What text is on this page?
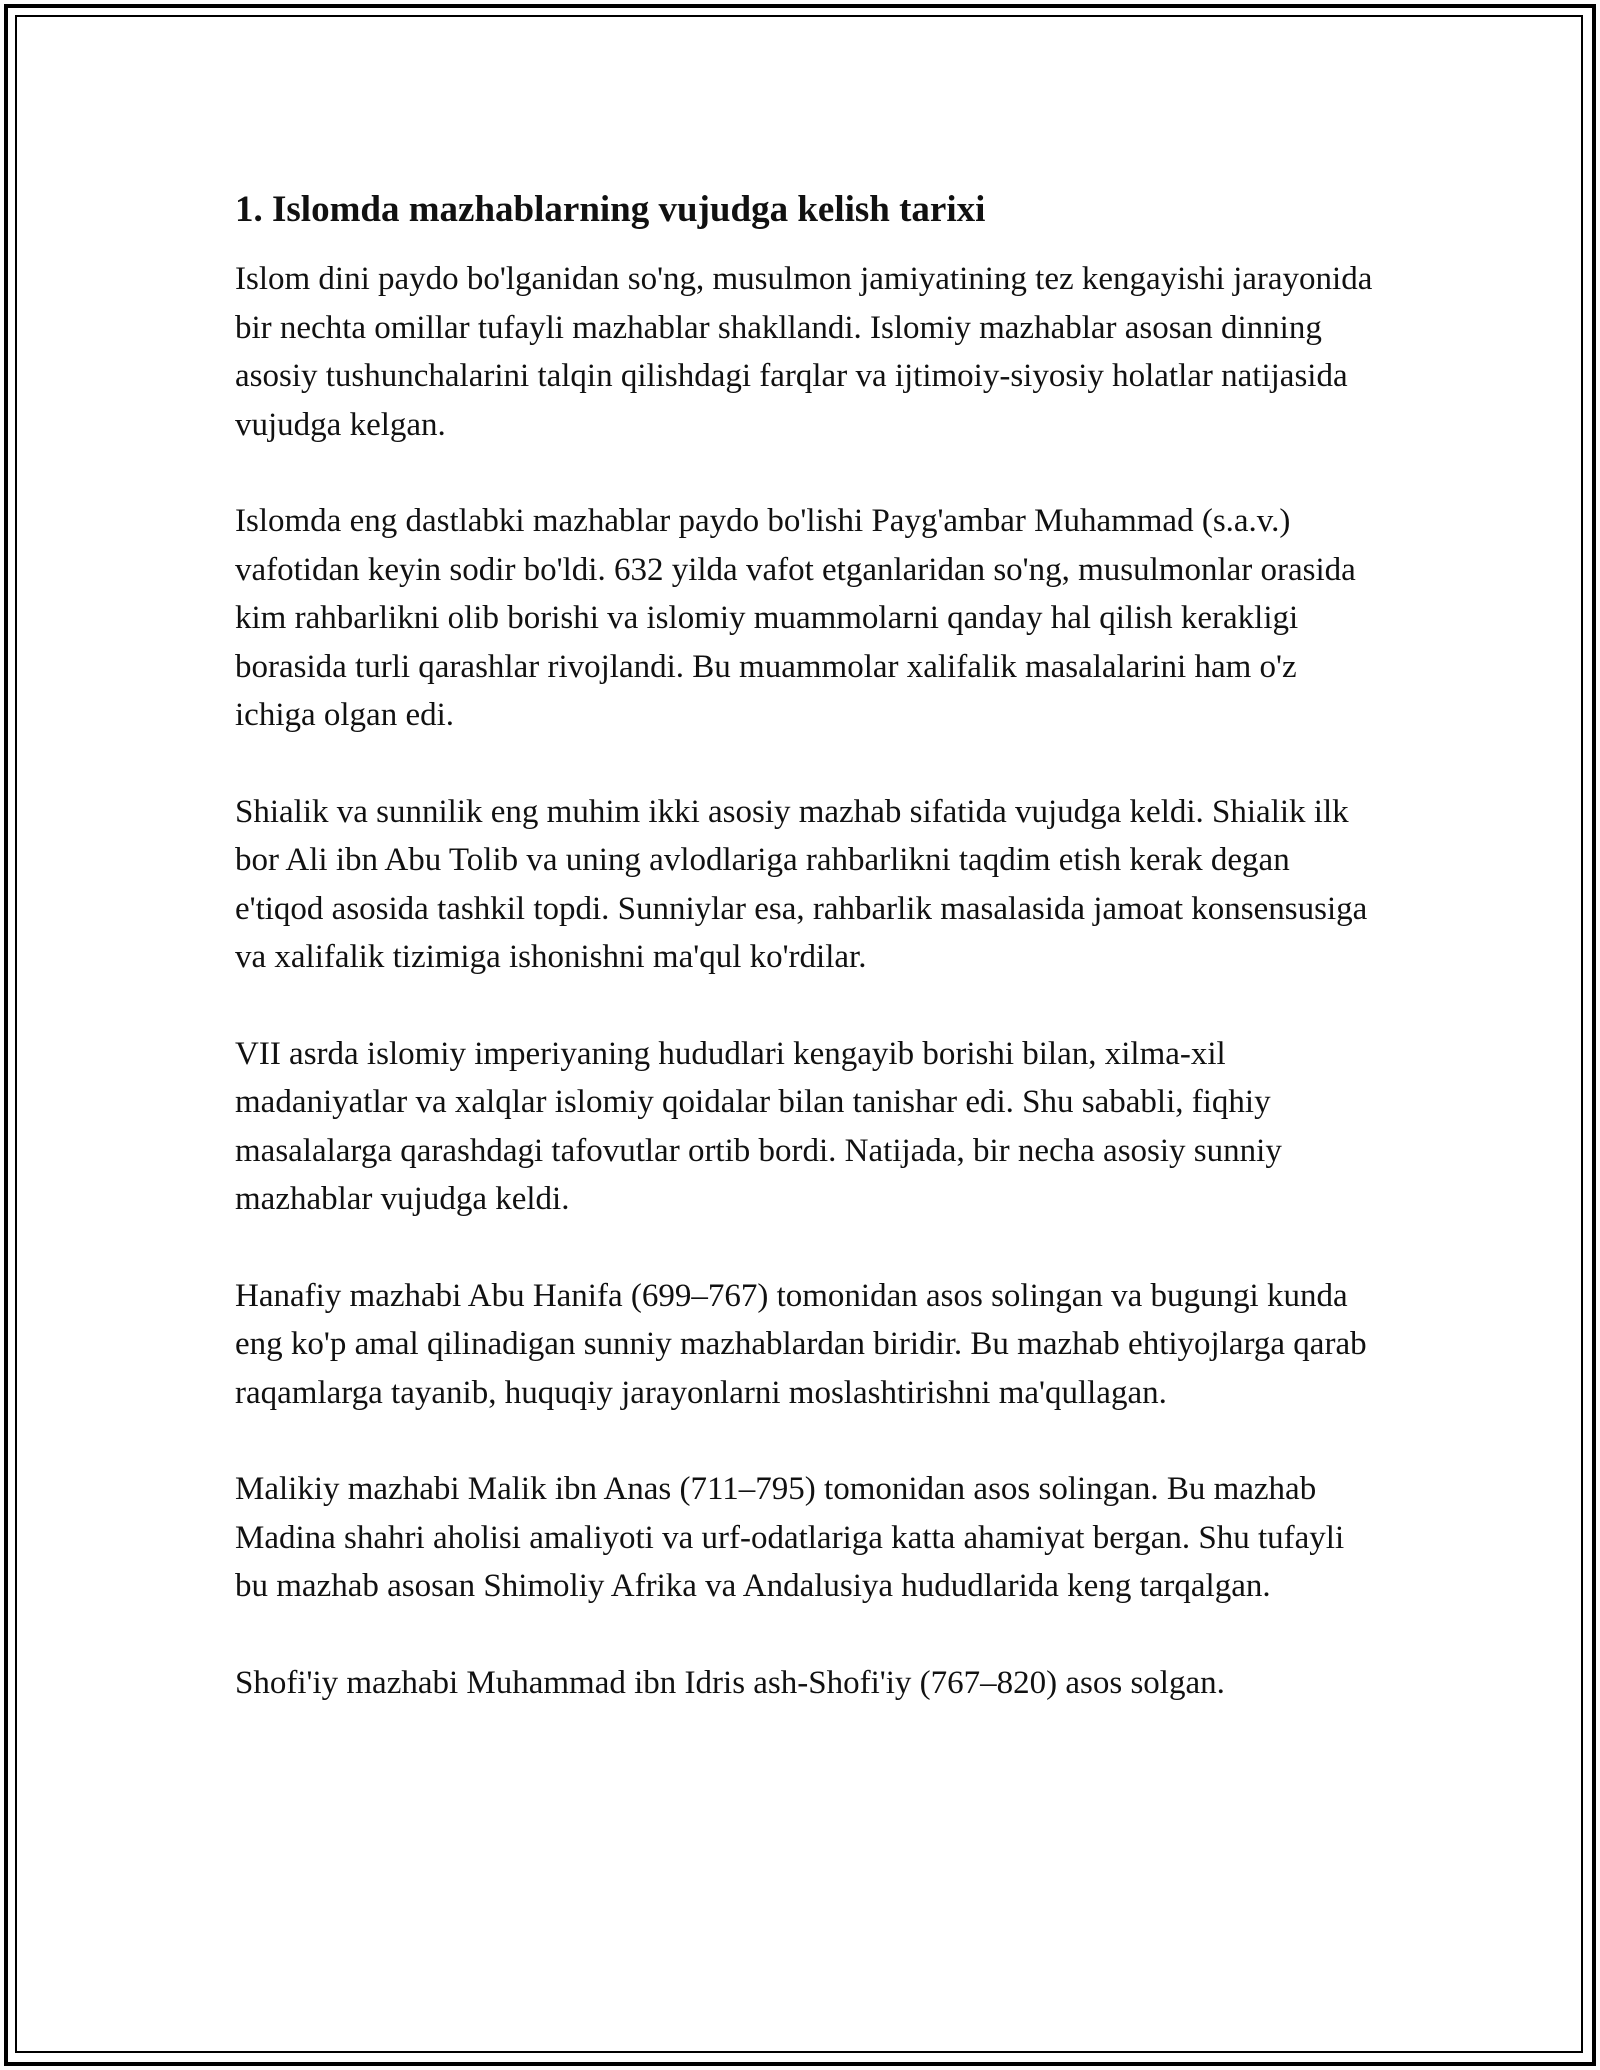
1. Islomda mazhablarning vujudga kelish tarixi

Islom dini paydo bo'lganidan so'ng, musulmon jamiyatining tez kengayishi jarayonida bir nechta omillar tufayli mazhablar shakllandi. Islomiy mazhablar asosan dinning asosiy tushunchalarini talqin qilishdagi farqlar va ijtimoiy-siyosiy holatlar natijasida vujudga kelgan.

Islomda eng dastlabki mazhablar paydo bo'lishi Payg'ambar Muhammad (s.a.v.) vafotidan keyin sodir bo'ldi. 632 yilda vafot etganlaridan so'ng, musulmonlar orasida kim rahbarlikni olib borishi va islomiy muammolarni qanday hal qilish kerakligi borasida turli qarashlar rivojlandi. Bu muammolar xalifalik masalalarini ham o'z ichiga olgan edi.

Shialik va sunnilik eng muhim ikki asosiy mazhab sifatida vujudga keldi. Shialik ilk bor Ali ibn Abu Tolib va uning avlodlariga rahbarlikni taqdim etish kerak degan e'tiqod asosida tashkil topdi. Sunniylar esa, rahbarlik masalasida jamoat konsensusiga va xalifalik tizimiga ishonishni ma'qul ko'rdilar.

VII asrda islomiy imperiyaning hududlari kengayib borishi bilan, xilma-xil madaniyatlar va xalqlar islomiy qoidalar bilan tanishar edi. Shu sababli, fiqhiy masalalarga qarashdagi tafovutlar ortib bordi. Natijada, bir necha asosiy sunniy mazhablar vujudga keldi.

Hanafiy mazhabi Abu Hanifa (699–767) tomonidan asos solingan va bugungi kunda eng ko'p amal qilinadigan sunniy mazhablardan biridir. Bu mazhab ehtiyojlarga qarab raqamlarga tayanib, huquqiy jarayonlarni moslashtirishni ma'qullagan.

Malikiy mazhabi Malik ibn Anas (711–795) tomonidan asos solingan. Bu mazhab Madina shahri aholisi amaliyoti va urf-odatlariga katta ahamiyat bergan. Shu tufayli bu mazhab asosan Shimoliy Afrika va Andalusiya hududlarida keng tarqalgan.

Shofi'iy mazhabi Muhammad ibn Idris ash-Shofi'iy (767–820) asos solgan.
